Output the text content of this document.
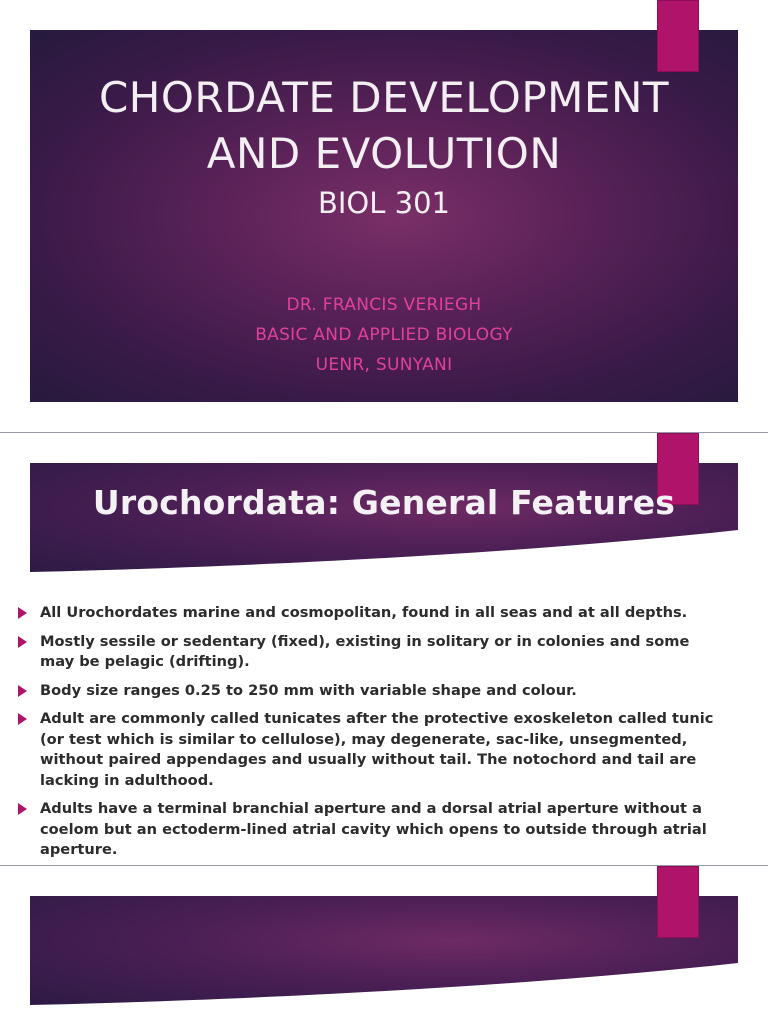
CHORDATE DEVELOPMENT
AND EVOLUTION
BIOL 301
DR. FRANCIS VERIEGH
BASIC AND APPLIED BIOLOGY
UENR, SUNYANI
Urochordata: General Features
All Urochordates marine and cosmopolitan, found in all seas and at all depths.
Mostly sessile or sedentary (fixed), existing in solitary or in colonies and some may be pelagic (drifting).
Body size ranges 0.25 to 250 mm with variable shape and colour.
Adult are commonly called tunicates after the protective exoskeleton called tunic (or test which is similar to cellulose), may degenerate, sac-like, unsegmented, without paired appendages and usually without tail. The notochord and tail are lacking in adulthood.
Adults have a terminal branchial aperture and a dorsal atrial aperture without a coelom but an ectoderm-lined atrial cavity which opens to outside through atrial aperture.
